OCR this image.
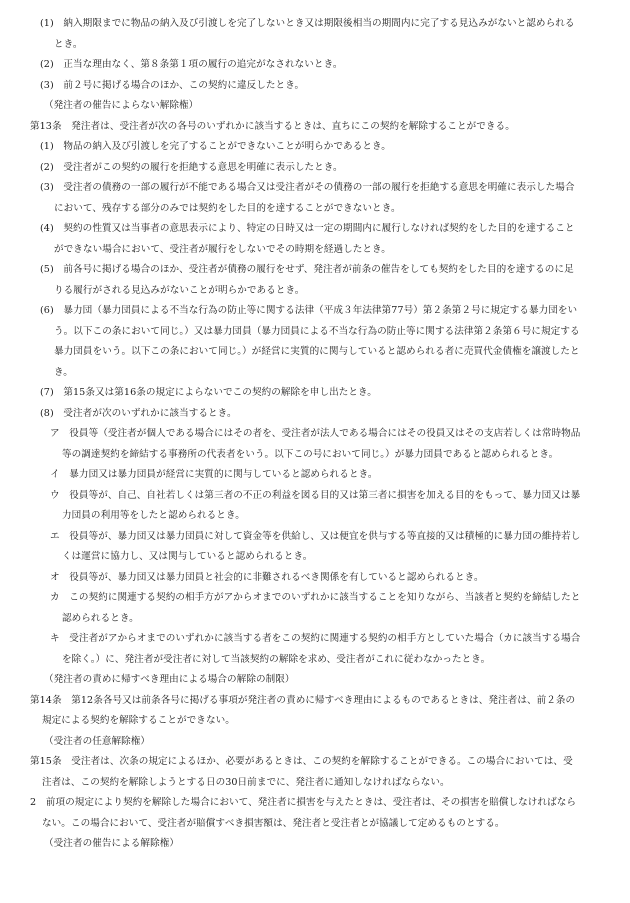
(1)　納入期限までに物品の納入及び引渡しを完了しないとき又は期限後相当の期間内に完了する見込みがないと認められる
とき。
(2)　正当な理由なく、第８条第１項の履行の追完がなされないとき。
(3)　前２号に掲げる場合のほか、この契約に違反したとき。
（発注者の催告によらない解除権）
第13条　発注者は、受注者が次の各号のいずれかに該当するときは、直ちにこの契約を解除することができる。
(1)　物品の納入及び引渡しを完了することができないことが明らかであるとき。
(2)　受注者がこの契約の履行を拒絶する意思を明確に表示したとき。
(3)　受注者の債務の一部の履行が不能である場合又は受注者がその債務の一部の履行を拒絶する意思を明確に表示した場合
において、残存する部分のみでは契約をした目的を達することができないとき。
(4)　契約の性質又は当事者の意思表示により、特定の日時又は一定の期間内に履行しなければ契約をした目的を達すること
ができない場合において、受注者が履行をしないでその時期を経過したとき。
(5)　前各号に掲げる場合のほか、受注者が債務の履行をせず、発注者が前条の催告をしても契約をした目的を達するのに足
りる履行がされる見込みがないことが明らかであるとき。
(6)　暴力団（暴力団員による不当な行為の防止等に関する法律（平成３年法律第77号）第２条第２号に規定する暴力団をい
う。以下この条において同じ。）又は暴力団員（暴力団員による不当な行為の防止等に関する法律第２条第６号に規定する
暴力団員をいう。以下この条において同じ。）が経営に実質的に関与していると認められる者に売買代金債権を譲渡したと
き。
(7)　第15条又は第16条の規定によらないでこの契約の解除を申し出たとき。
(8)　受注者が次のいずれかに該当するとき。
ア　役員等（受注者が個人である場合にはその者を、受注者が法人である場合にはその役員又はその支店若しくは常時物品
等の調達契約を締結する事務所の代表者をいう。以下この号において同じ。）が暴力団員であると認められるとき。
イ　暴力団又は暴力団員が経営に実質的に関与していると認められるとき。
ウ　役員等が、自己、自社若しくは第三者の不正の利益を図る目的又は第三者に損害を加える目的をもって、暴力団又は暴
力団員の利用等をしたと認められるとき。
エ　役員等が、暴力団又は暴力団員に対して資金等を供給し、又は便宜を供与する等直接的又は積極的に暴力団の維持若し
くは運営に協力し、又は関与していると認められるとき。
オ　役員等が、暴力団又は暴力団員と社会的に非難されるべき関係を有していると認められるとき。
カ　この契約に関連する契約の相手方がアからオまでのいずれかに該当することを知りながら、当該者と契約を締結したと
認められるとき。
キ　受注者がアからオまでのいずれかに該当する者をこの契約に関連する契約の相手方としていた場合（カに該当する場合
を除く。）に、発注者が受注者に対して当該契約の解除を求め、受注者がこれに従わなかったとき。
（発注者の責めに帰すべき理由による場合の解除の制限）
第14条　第12条各号又は前条各号に掲げる事項が発注者の責めに帰すべき理由によるものであるときは、発注者は、前２条の
規定による契約を解除することができない。
（受注者の任意解除権）
第15条　受注者は、次条の規定によるほか、必要があるときは、この契約を解除することができる。この場合においては、受
注者は、この契約を解除しようとする日の30日前までに、発注者に通知しなければならない。
2　前項の規定により契約を解除した場合において、発注者に損害を与えたときは、受注者は、その損害を賠償しなければなら
ない。この場合において、受注者が賠償すべき損害額は、発注者と受注者とが協議して定めるものとする。
（受注者の催告による解除権）
